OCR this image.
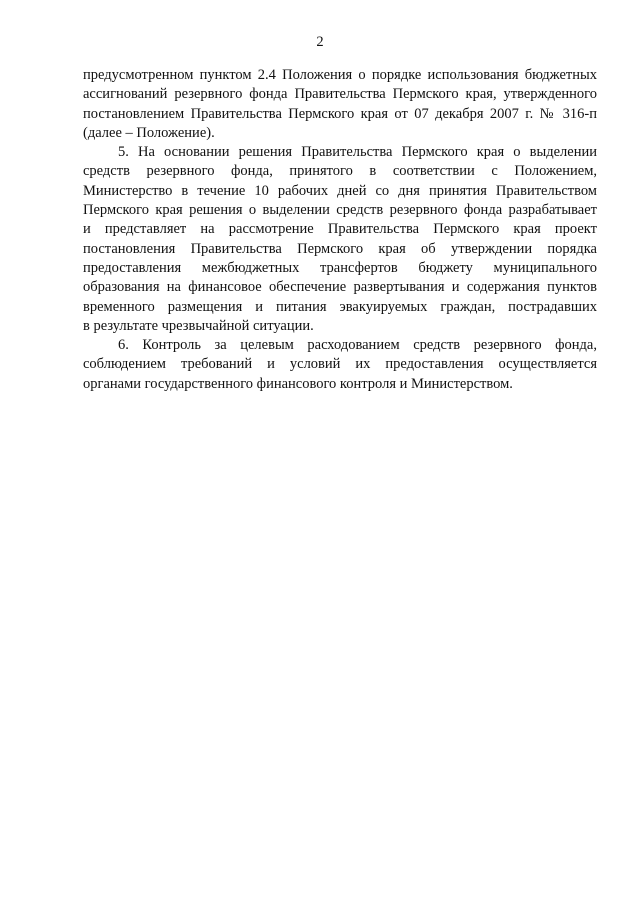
2

предусмотренном пунктом 2.4 Положения о порядке использования бюджетных
ассигнований резервного фонда Правительства Пермского края, утвержденного
постановлением Правительства Пермского края от 07 декабря 2007 г. № 316-п
(далее – Положение).

5. На основании решения Правительства Пермского края о выделении
средств резервного фонда, принятого в соответствии с Положением,
Министерство в течение 10 рабочих дней со дня принятия Правительством
Пермского края решения о выделении средств резервного фонда разрабатывает
и представляет на рассмотрение Правительства Пермского края проект
постановления Правительства Пермского края об утверждении порядка
предоставления межбюджетных трансфертов бюджету муниципального
образования на финансовое обеспечение развертывания и содержания пунктов
временного размещения и питания эвакуируемых граждан, пострадавших
в результате чрезвычайной ситуации.

6. Контроль за целевым расходованием средств резервного фонда,
соблюдением требований и условий их предоставления осуществляется
органами государственного финансового контроля и Министерством.
